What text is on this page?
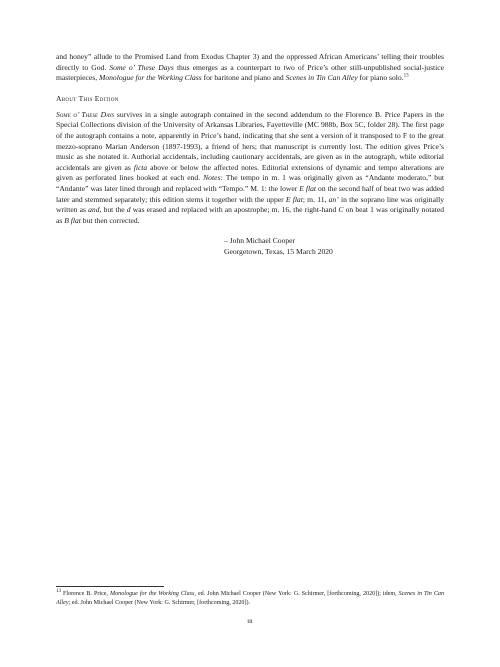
and honey” allude to the Promised Land from Exodus Chapter 3) and the oppressed African Americans’ telling their troubles directly to God. Some o’ These Days thus emerges as a counterpart to two of Price’s other still-unpublished social-justice masterpieces, Monologue for the Working Class for baritone and piano and Scenes in Tin Can Alley for piano solo.$^{13}$

About This Edition

Some o’ These Days survives in a single autograph contained in the second addendum to the Florence B. Price Papers in the Special Collections division of the University of Arkansas Libraries, Fayetteville (MC 988b, Box 5C, folder 28). The first page of the autograph contains a note, apparently in Price’s hand, indicating that she sent a version of it transposed to F to the great mezzo-soprano Marian Anderson (1897-1993), a friend of hers; that manuscript is currently lost. The edition gives Price’s music as she notated it. Authorial accidentals, including cautionary accidentals, are given as in the autograph, while editorial accidentals are given as ficta above or below the affected notes. Editorial extensions of dynamic and tempo alterations are given as perforated lines hooked at each end. Notes: The tempo in m. 1 was originally given as “Andante moderato,” but “Andante” was later lined through and replaced with “Tempo.” M. 1: the lower E flat on the second half of beat two was added later and stemmed separately; this edition stems it together with the upper E flat; m. 11, an’ in the soprano line was originally written as and, but the d was erased and replaced with an apostrophe; m. 16, the right-hand C on beat 1 was originally notated as B flat but then corrected.

– John Michael Cooper
Georgetown, Texas, 15 March 2020
$^{13}$ Florence B. Price, Monologue for the Working Class, ed. John Michael Cooper (New York: G. Schirmer, [forthcoming, 2020]); idem, Scenes in Tin Can Alley; ed. John Michael Cooper (New York: G. Schirmer, [forthcoming, 2020]).
iii
